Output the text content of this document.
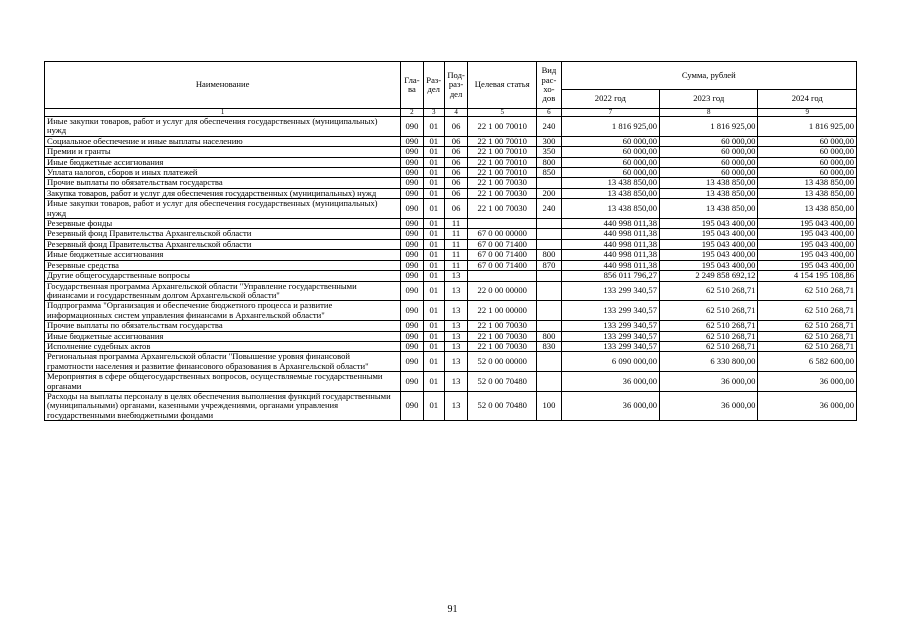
Наименование	Гла-ва	Раз-дел	Под-раз-дел	Целевая статья	Вид рас-хо-дов	Сумма, рублей		
						2022 год	2023 год	2024 год
1	2	3	4	5	6	7	8	9
Иные закупки товаров, работ и услуг для обеспечения государственных (муниципальных) нужд	090	01	06	22 1 00 70010	240	1 816 925,00	1 816 925,00	1 816 925,00
Социальное обеспечение и иные выплаты населению	090	01	06	22 1 00 70010	300	60 000,00	60 000,00	60 000,00
Премии и гранты	090	01	06	22 1 00 70010	350	60 000,00	60 000,00	60 000,00
Иные бюджетные ассигнования	090	01	06	22 1 00 70010	800	60 000,00	60 000,00	60 000,00
Уплата налогов, сборов и иных платежей	090	01	06	22 1 00 70010	850	60 000,00	60 000,00	60 000,00
Прочие выплаты по обязательствам государства	090	01	06	22 1 00 70030		13 438 850,00	13 438 850,00	13 438 850,00
Закупка товаров, работ и услуг для обеспечения государственных (муниципальных) нужд	090	01	06	22 1 00 70030	200	13 438 850,00	13 438 850,00	13 438 850,00
Иные закупки товаров, работ и услуг для обеспечения государственных (муниципальных) нужд	090	01	06	22 1 00 70030	240	13 438 850,00	13 438 850,00	13 438 850,00
Резервные фонды	090	01	11			440 998 011,38	195 043 400,00	195 043 400,00
Резервный фонд Правительства Архангельской области	090	01	11	67 0 00 00000		440 998 011,38	195 043 400,00	195 043 400,00
Резервный фонд Правительства Архангельской области	090	01	11	67 0 00 71400		440 998 011,38	195 043 400,00	195 043 400,00
Иные бюджетные ассигнования	090	01	11	67 0 00 71400	800	440 998 011,38	195 043 400,00	195 043 400,00
Резервные средства	090	01	11	67 0 00 71400	870	440 998 011,38	195 043 400,00	195 043 400,00
Другие общегосударственные вопросы	090	01	13			856 011 796,27	2 249 858 692,12	4 154 195 108,86
Государственная программа Архангельской области "Управление государственными финансами и государственным долгом Архангельской области"	090	01	13	22 0 00 00000		133 299 340,57	62 510 268,71	62 510 268,71
Подпрограмма "Организация и обеспечение бюджетного процесса и развитие информационных систем управления финансами в Архангельской области"	090	01	13	22 1 00 00000		133 299 340,57	62 510 268,71	62 510 268,71
Прочие выплаты по обязательствам государства	090	01	13	22 1 00 70030		133 299 340,57	62 510 268,71	62 510 268,71
Иные бюджетные ассигнования	090	01	13	22 1 00 70030	800	133 299 340,57	62 510 268,71	62 510 268,71
Исполнение судебных актов	090	01	13	22 1 00 70030	830	133 299 340,57	62 510 268,71	62 510 268,71
Региональная программа Архангельской области "Повышение уровня финансовой грамотности населения и развитие финансового образования в Архангельской области"	090	01	13	52 0 00 00000		6 090 000,00	6 330 800,00	6 582 600,00
Мероприятия в сфере общегосударственных вопросов, осуществляемые государственными органами	090	01	13	52 0 00 70480		36 000,00	36 000,00	36 000,00
Расходы на выплаты персоналу в целях обеспечения выполнения функций государственными (муниципальными) органами, казенными учреждениями, органами управления государственными внебюджетными фондами	090	01	13	52 0 00 70480	100	36 000,00	36 000,00	36 000,00
91
